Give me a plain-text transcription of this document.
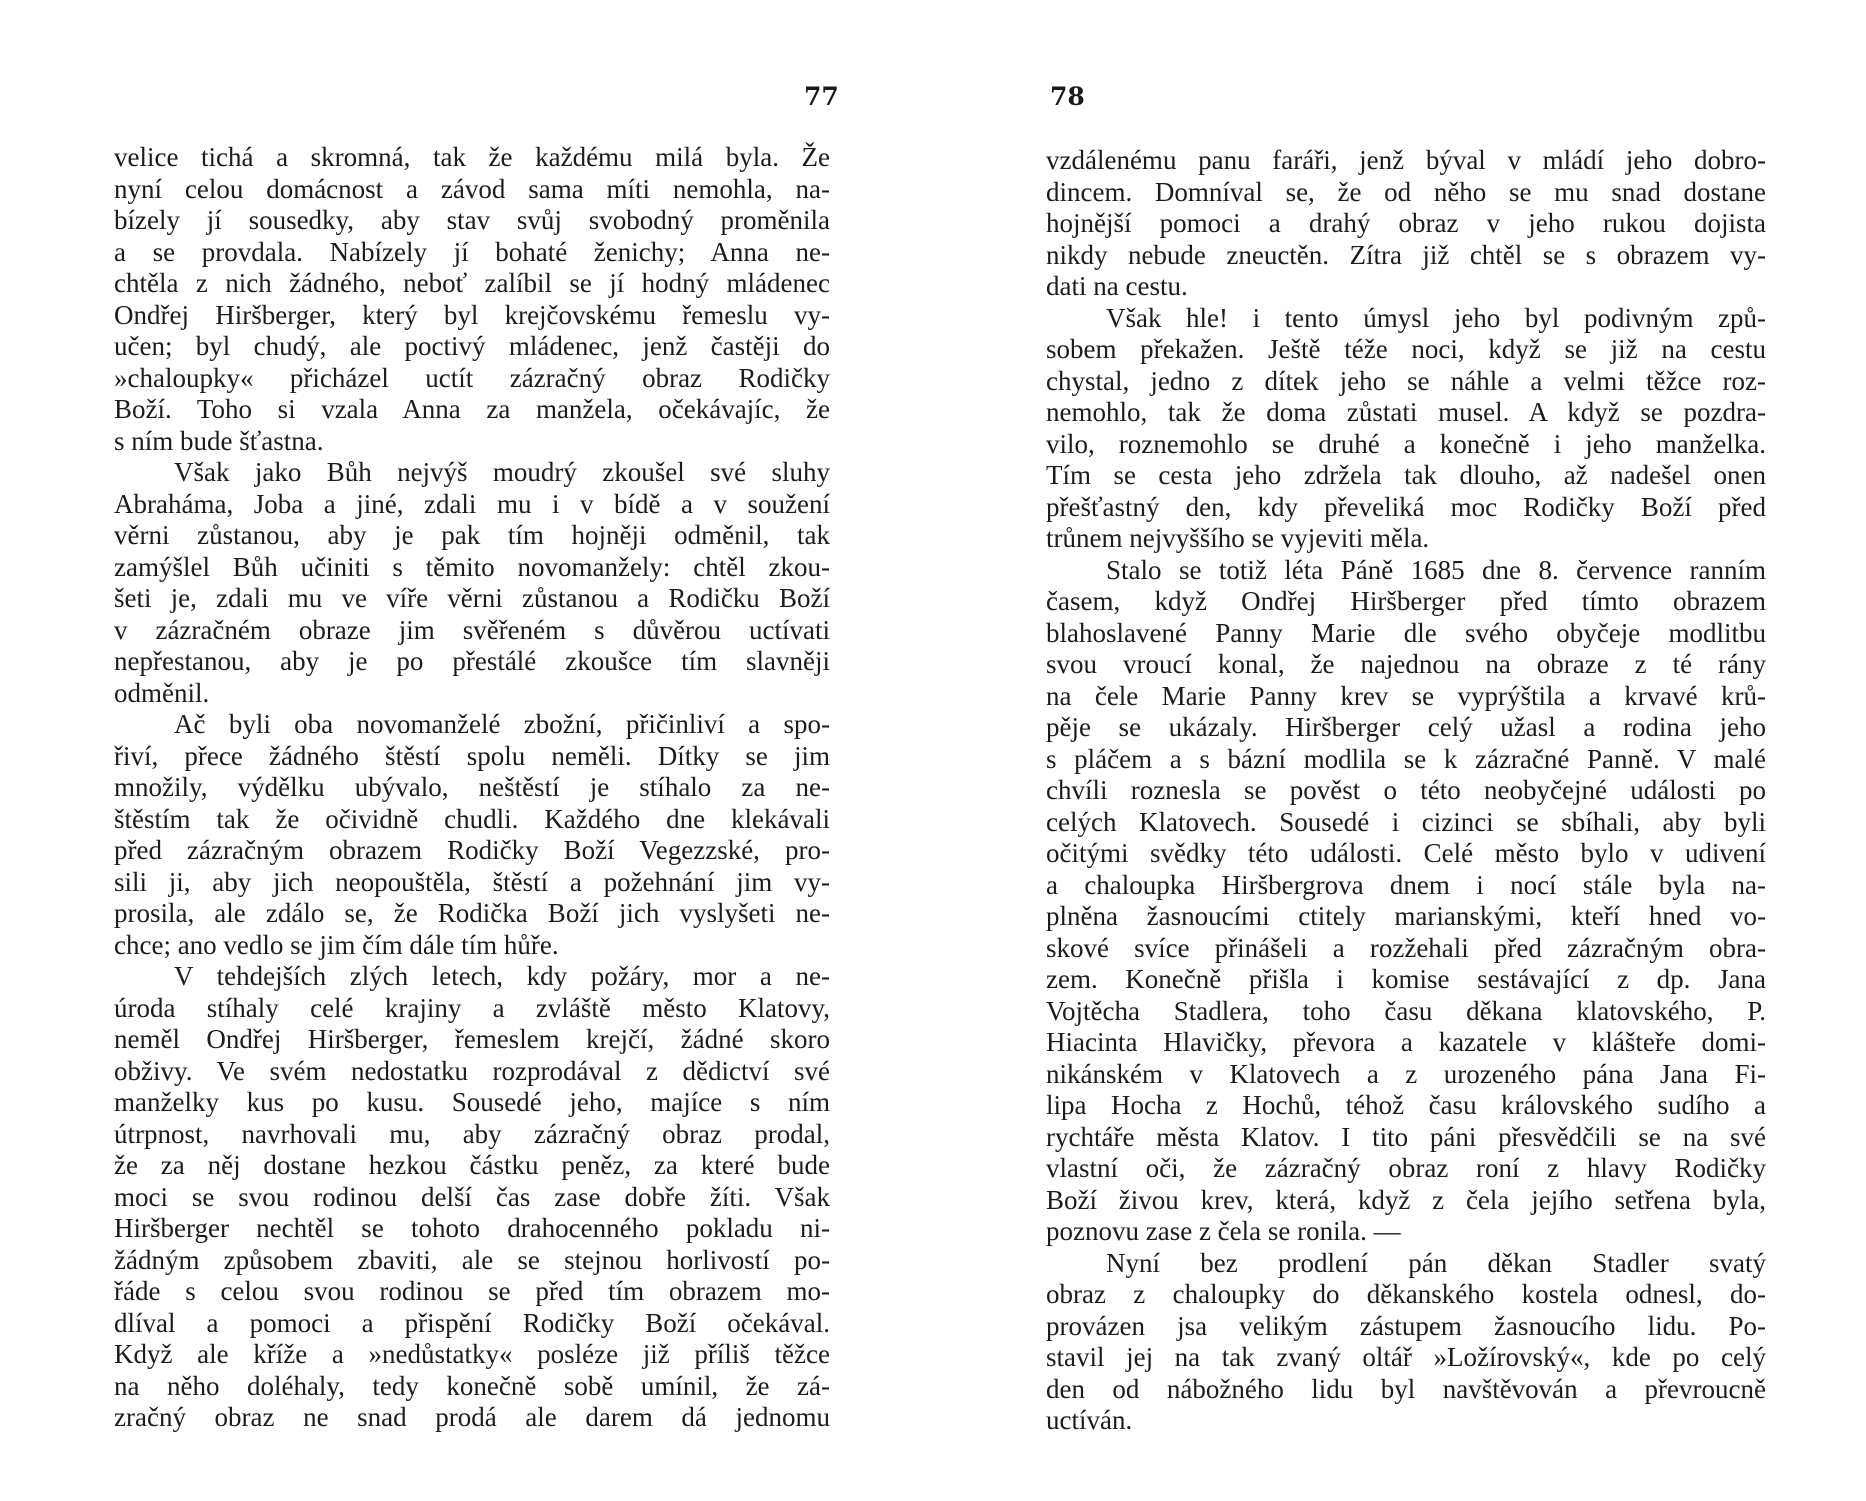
77
velice tichá a skromná, tak že každému milá byla. Že
nyní celou domácnost a závod sama míti nemohla, na-
bízely jí sousedky, aby stav svůj svobodný proměnila
a se provdala. Nabízely jí bohaté ženichy; Anna ne-
chtěla z nich žádného, neboť zalíbil se jí hodný mládenec
Ondřej Hiršberger, který byl krejčovskému řemeslu vy-
učen; byl chudý, ale poctivý mládenec, jenž častěji do
»chaloupky« přicházel uctít zázračný obraz Rodičky
Boží. Toho si vzala Anna za manžela, očekávajíc, že
s ním bude šťastna.
Však jako Bůh nejvýš moudrý zkoušel své sluhy
Abraháma, Joba a jiné, zdali mu i v bídě a v soužení
věrni zůstanou, aby je pak tím hojněji odměnil, tak
zamýšlel Bůh učiniti s těmito novomanžely: chtěl zkou-
šeti je, zdali mu ve víře věrni zůstanou a Rodičku Boží
v zázračném obraze jim svěřeném s důvěrou uctívati
nepřestanou, aby je po přestálé zkoušce tím slavněji
odměnil.
Ač byli oba novomanželé zbožní, přičinliví a spo-
řiví, přece žádného štěstí spolu neměli. Dítky se jim
množily, výdělku ubývalo, neštěstí je stíhalo za ne-
štěstím tak že očividně chudli. Každého dne klekávali
před zázračným obrazem Rodičky Boží Vegezzské, pro-
sili ji, aby jich neopouštěla, štěstí a požehnání jim vy-
prosila, ale zdálo se, že Rodička Boží jich vyslyšeti ne-
chce; ano vedlo se jim čím dále tím hůře.
V tehdejších zlých letech, kdy požáry, mor a ne-
úroda stíhaly celé krajiny a zvláště město Klatovy,
neměl Ondřej Hiršberger, řemeslem krejčí, žádné skoro
obživy. Ve svém nedostatku rozprodával z dědictví své
manželky kus po kusu. Sousedé jeho, majíce s ním
útrpnost, navrhovali mu, aby zázračný obraz prodal,
že za něj dostane hezkou částku peněz, za které bude
moci se svou rodinou delší čas zase dobře žíti. Však
Hiršberger nechtěl se tohoto drahocenného pokladu ni-
žádným způsobem zbaviti, ale se stejnou horlivostí po-
řáde s celou svou rodinou se před tím obrazem mo-
dlíval a pomoci a přispění Rodičky Boží očekával.
Když ale kříže a »nedůstatky« posléze již příliš těžce
na něho doléhaly, tedy konečně sobě umínil, že zá-
zračný obraz ne snad prodá ale darem dá jednomu
78
vzdálenému panu faráři, jenž býval v mládí jeho dobro-
dincem. Domníval se, že od něho se mu snad dostane
hojnější pomoci a drahý obraz v jeho rukou dojista
nikdy nebude zneuctěn. Zítra již chtěl se s obrazem vy-
dati na cestu.
Však hle! i tento úmysl jeho byl podivným způ-
sobem překažen. Ještě téže noci, když se již na cestu
chystal, jedno z dítek jeho se náhle a velmi těžce roz-
nemohlo, tak že doma zůstati musel. A když se pozdra-
vilo, roznemohlo se druhé a konečně i jeho manželka.
Tím se cesta jeho zdržela tak dlouho, až nadešel onen
přešťastný den, kdy převeliká moc Rodičky Boží před
trůnem nejvyššího se vyjeviti měla.
Stalo se totiž léta Páně 1685 dne 8. července ranním
časem, když Ondřej Hiršberger před tímto obrazem
blahoslavené Panny Marie dle svého obyčeje modlitbu
svou vroucí konal, že najednou na obraze z té rány
na čele Marie Panny krev se vyprýštila a krvavé krů-
pěje se ukázaly. Hiršberger celý užasl a rodina jeho
s pláčem a s bázní modlila se k zázračné Panně. V malé
chvíli roznesla se pověst o této neobyčejné události po
celých Klatovech. Sousedé i cizinci se sbíhali, aby byli
očitými svědky této události. Celé město bylo v udivení
a chaloupka Hiršbergrova dnem i nocí stále byla na-
plněna žasnoucími ctitely marianskými, kteří hned vo-
skové svíce přinášeli a rozžehali před zázračným obra-
zem. Konečně přišla i komise sestávající z dp. Jana
Vojtěcha Stadlera, toho času děkana klatovského, P.
Hiacinta Hlavičky, převora a kazatele v klášteře domi-
nikánském v Klatovech a z urozeného pána Jana Fi-
lipa Hocha z Hochů, téhož času královského sudího a
rychtáře města Klatov. I tito páni přesvědčili se na své
vlastní oči, že zázračný obraz roní z hlavy Rodičky
Boží živou krev, která, když z čela jejího setřena byla,
poznovu zase z čela se ronila. —
Nyní bez prodlení pán děkan Stadler svatý
obraz z chaloupky do děkanského kostela odnesl, do-
provázen jsa velikým zástupem žasnoucího lidu. Po-
stavil jej na tak zvaný oltář »Ložírovský«, kde po celý
den od nábožného lidu byl navštěvován a převroucně
uctíván.
